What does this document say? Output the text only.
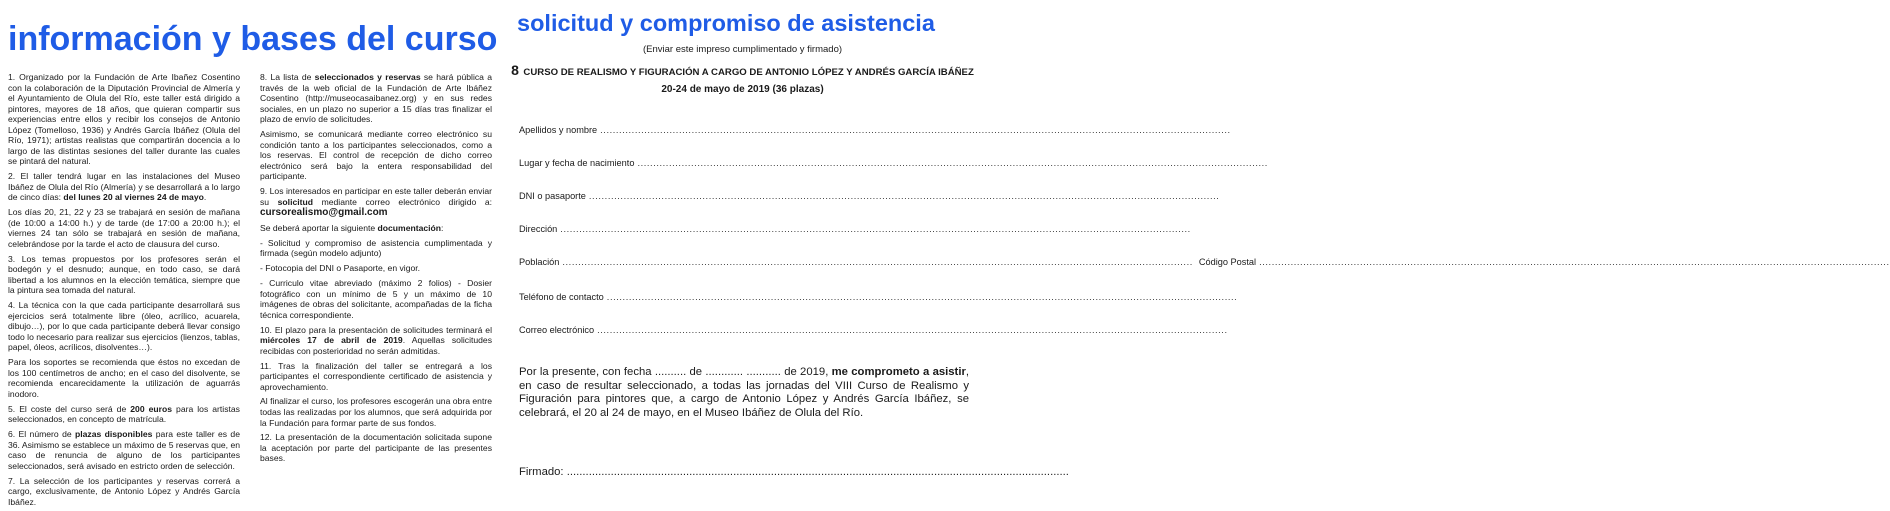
información y bases del curso

1. Organizado por la Fundación de Arte Ibañez Cosentino con la colaboración de la Diputación Provincial de Almería y el Ayuntamiento de Olula del Río, este taller está dirigido a pintores, mayores de 18 años, que quieran compartir sus experiencias entre ellos y recibir los consejos de Antonio López (Tomelloso, 1936) y Andrés García Ibáñez (Olula del Río, 1971); artistas realistas que compartirán docencia a lo largo de las distintas sesiones del taller durante las cuales se pintará del natural.

2. El taller tendrá lugar en las instalaciones del Museo Ibáñez de Olula del Río (Almería) y se desarrollará a lo largo de cinco días: del lunes 20 al viernes 24 de mayo.

Los días 20, 21, 22 y 23 se trabajará en sesión de mañana (de 10:00 a 14:00 h.) y de tarde (de 17:00 a 20:00 h.); el viernes 24 tan sólo se trabajará en sesión de mañana, celebrándose por la tarde el acto de clausura del curso.

3. Los temas propuestos por los profesores serán el bodegón y el desnudo; aunque, en todo caso, se dará libertad a los alumnos en la elección temática, siempre que la pintura sea tomada del natural.

4. La técnica con la que cada participante desarrollará sus ejercicios será totalmente libre (óleo, acrílico, acuarela, dibujo…), por lo que cada participante deberá llevar consigo todo lo necesario para realizar sus ejercicios (lienzos, tablas, papel, óleos, acrílicos, disolventes…).

Para los soportes se recomienda que éstos no excedan de los 100 centímetros de ancho; en el caso del disolvente, se recomienda encarecidamente la utilización de aguarrás inodoro.

5. El coste del curso será de 200 euros para los artistas seleccionados, en concepto de matrícula.

6. El número de plazas disponibles para este taller es de 36. Asimismo se establece un máximo de 5 reservas que, en caso de renuncia de alguno de los participantes seleccionados, será avisado en estricto orden de selección.

7. La selección de los participantes y reservas correrá a cargo, exclusivamente, de Antonio López y Andrés García Ibáñez.

8. La lista de seleccionados y reservas se hará pública a través de la web oficial de la Fundación de Arte Ibáñez Cosentino (http://museocasaibanez.org) y en sus redes sociales, en un plazo no superior a 15 días tras finalizar el plazo de envío de solicitudes.

Asimismo, se comunicará mediante correo electrónico su condición tanto a los participantes seleccionados, como a los reservas. El control de recepción de dicho correo electrónico será bajo la entera responsabilidad del participante.

9. Los interesados en participar en este taller deberán enviar su solicitud mediante correo electrónico dirigido a: cursorealismo@gmail.com

Se deberá aportar la siguiente documentación:

- Solicitud y compromiso de asistencia cumplimentada y firmada (según modelo adjunto)

- Fotocopia del DNI o Pasaporte, en vigor.

- Curriculo vitae abreviado (máximo 2 folios) - Dosier fotográfico con un mínimo de 5 y un máximo de 10 imágenes de obras del solicitante, acompañadas de la ficha técnica correspondiente.

10. El plazo para la presentación de solicitudes terminará el miércoles 17 de abril de 2019. Aquellas solicitudes recibidas con posterioridad no serán admitidas.

11. Tras la finalización del taller se entregará a los participantes el correspondiente certificado de asistencia y aprovechamiento.

Al finalizar el curso, los profesores escogerán una obra entre todas las realizadas por los alumnos, que será adquirida por la Fundación para formar parte de sus fondos.

12. La presentación de la documentación solicitada supone la aceptación por parte del participante de las presentes bases.

solicitud y compromiso de asistencia
(Enviar este impreso cumplimentado y firmado)
8 CURSO DE REALISMO Y FIGURACIÓN A CARGO DE ANTONIO LÓPEZ Y ANDRÉS GARCÍA IBÁÑEZ
20-24 de mayo de 2019 (36 plazas)
Apellidos y nombre ........................................................................................................................................................................................................
Lugar y fecha de nacimiento ........................................................................................................................................................................................................
DNI o pasaporte ........................................................................................................................................................................................................
Dirección ........................................................................................................................................................................................................
Población ........................................................................................................................................................................................................ Código Postal ........................................................................................................................................................................................................
Teléfono de contacto ........................................................................................................................................................................................................
Correo electrónico ........................................................................................................................................................................................................
Por la presente, con fecha .......... de ............ ........... de 2019, me comprometo a asistir, en caso de resultar seleccionado, a todas las jornadas del VIII Curso de Realismo y Figuración para pintores que, a cargo de Antonio López y Andrés García Ibáñez, se celebrará, el 20 al 24 de mayo, en el Museo Ibáñez de Olula del Río.
Firmado: ................................................................................................................................................................
